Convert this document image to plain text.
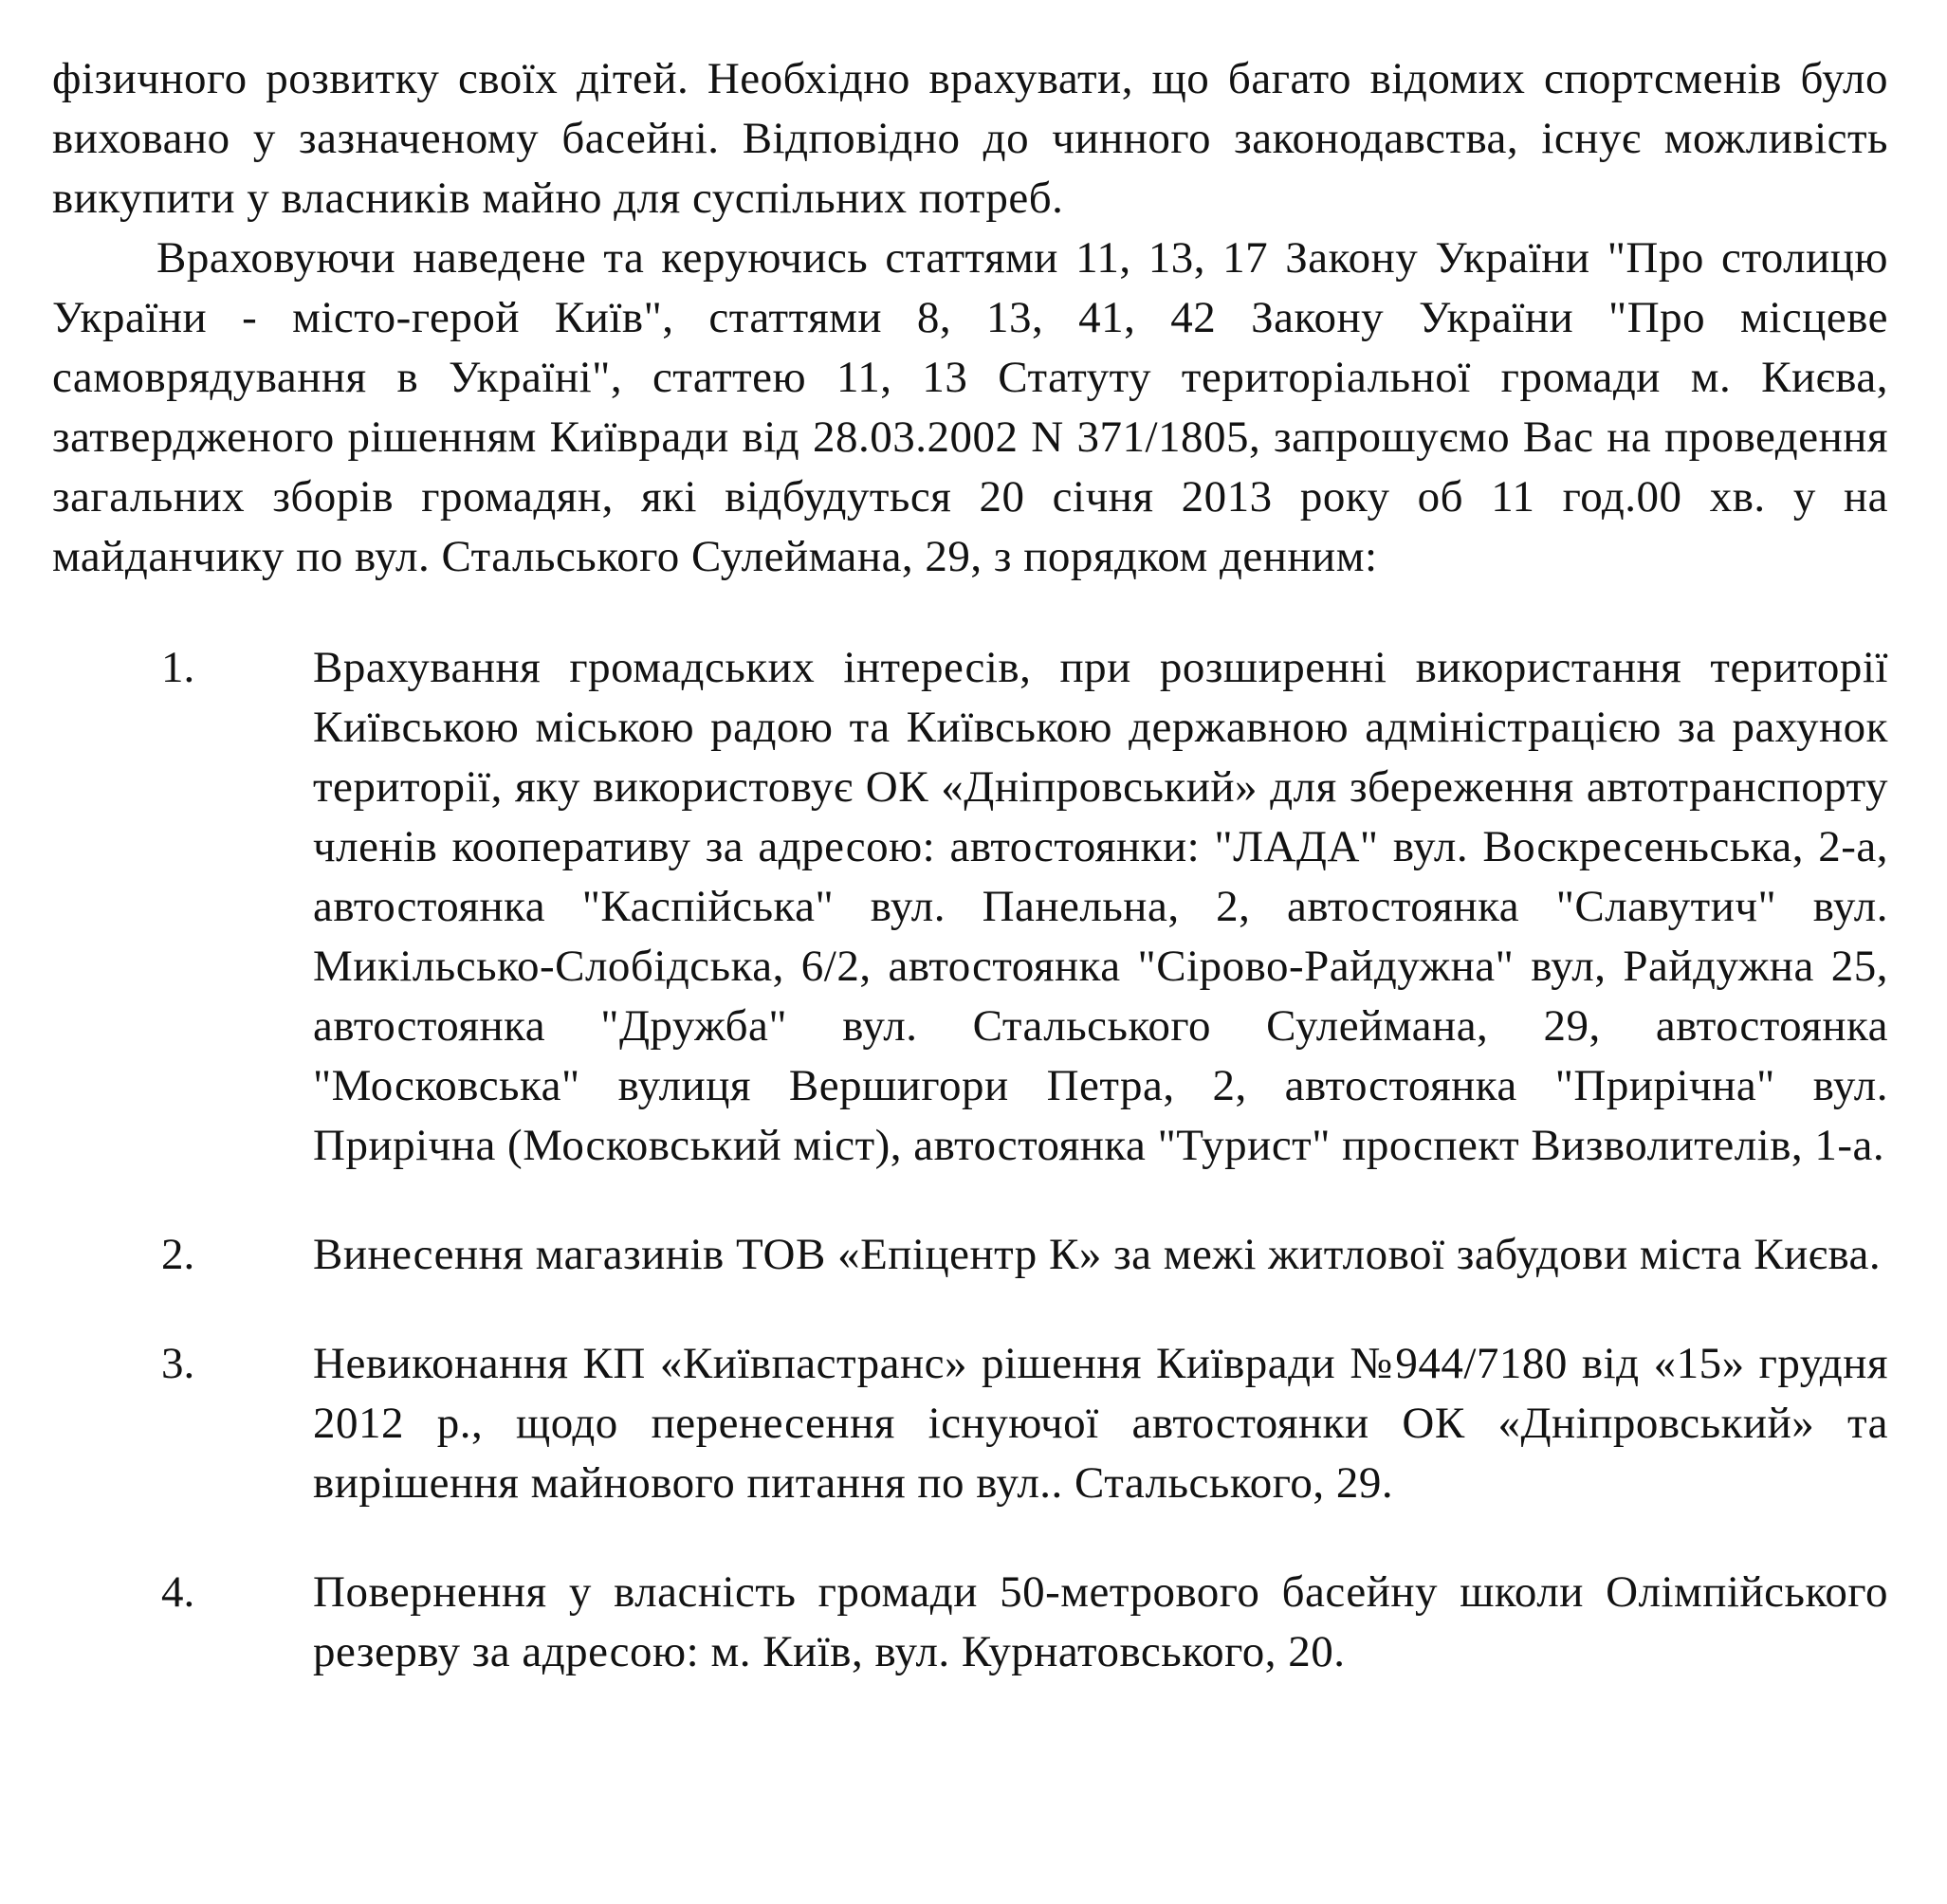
фізичного розвитку своїх дітей. Необхідно врахувати, що багато відомих спортсменів було виховано у зазначеному басейні. Відповідно до чинного законодавства, існує можливість викупити у власників майно для суспільних потреб.

Враховуючи наведене та керуючись статтями 11, 13, 17 Закону України "Про столицю України - місто-герой Київ", статтями 8, 13, 41, 42 Закону України "Про місцеве самоврядування в Україні", статтею 11, 13 Статуту територіальної громади м. Києва, затвердженого рішенням Київради від 28.03.2002 N 371/1805, запрошуємо Вас на проведення загальних зборів громадян, які відбудуться 20 січня 2013 року об 11 год.00 хв. у на майданчику по вул. Стальського Сулеймана, 29, з порядком денним:

1.	Врахування громадських інтересів, при розширенні використання території Київською міською радою та Київською державною адміністрацією за рахунок території, яку використовує ОК «Дніпровський» для збереження автотранспорту членів кооперативу за адресою: автостоянки: "ЛАДА" вул. Воскресеньська, 2-а, автостоянка "Каспійська" вул. Панельна, 2, автостоянка "Славутич" вул. Микільсько-Слобідська, 6/2, автостоянка "Сірово-Райдужна" вул, Райдужна 25, автостоянка "Дружба" вул. Стальського Сулеймана, 29, автостоянка "Московська" вулиця Вершигори Петра, 2, автостоянка "Прирічна" вул. Прирічна (Московський міст), автостоянка "Турист" проспект Визволителів, 1-а.
2.	Винесення магазинів ТОВ «Епіцентр К» за межі житлової забудови міста Києва.
3.	Невиконання КП «Київпастранс» рішення Київради №944/7180 від «15» грудня 2012 р., щодо перенесення існуючої автостоянки ОК «Дніпровський» та вирішення майнового питання по вул.. Стальського, 29.
4.	Повернення у власність громади 50-метрового басейну школи Олімпійського резерву за адресою: м. Київ, вул. Курнатовського, 20.
